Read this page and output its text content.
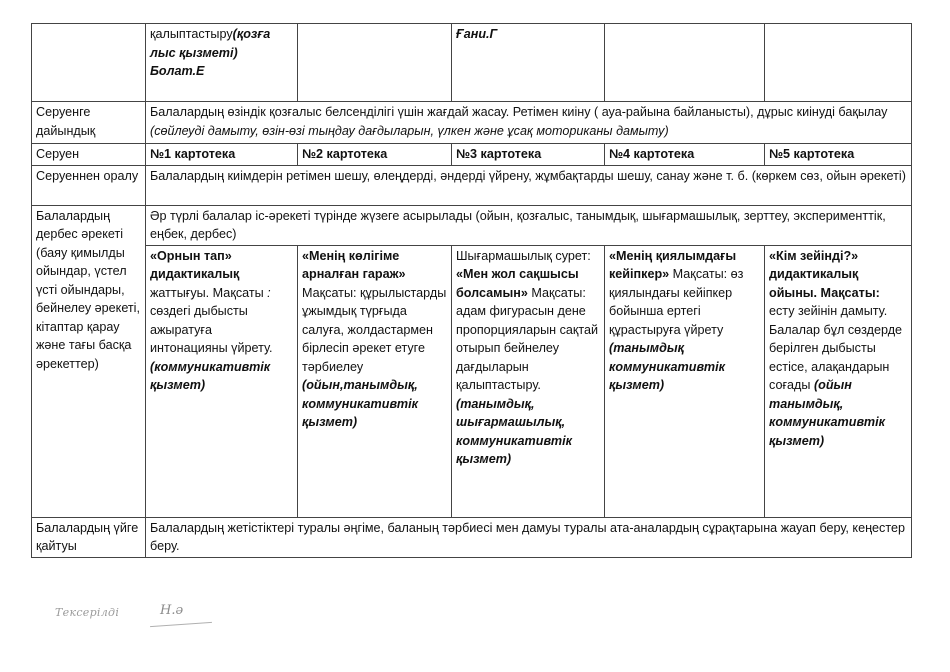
	қалыптастыру(қозға лыс қызметі) Болат.Е		Ғани.Г		
Серуенге дайындық	Балалардың өзіндік қозғалыс белсенділігі үшін жағдай жасау. Ретімен киіну ( ауа-райына байланысты), дұрыс киінуді бақылау (сөйлеуді дамыту, өзін-өзі тыңдау дағдыларын, үлкен және ұсақ моториканы дамыту)				
Серуен	№1 картотека	№2 картотека	№3 картотека	№4 картотека	№5 картотека
Серуеннен оралу	Балалардың киімдерін ретімен шешу, өлеңдерді, әндерді үйрену, жұмбақтарды шешу, санау және т. б. (көркем сөз, ойын әрекеті)				
Балалардың дербес әрекеті (баяу қимылды ойындар, үстел үсті ойындары, бейнелеу әрекеті, кітаптар қарау және тағы басқа әрекеттер)	Әр түрлі балалар іс-әрекеті түрінде жүзеге асырылады (ойын, қозғалыс, танымдық, шығармашылық, зерттеу, эксперименттік, еңбек, дербес)				
	«Орнын тап» дидактикалық жаттығуы. Мақсаты : сөздегі дыбысты ажыратуға интонацияны үйрету. (коммуникативтік қызмет)	«Менің көлігіме арналған гараж» Мақсаты: құрылыстарды ұжымдық түрғыда салуға, жолдастармен бірлесіп әрекет етуге тәрбиелеу (ойын,танымдық, коммуникативтік қызмет)	Шығармашылық сурет: «Мен жол сақшысы болсамын» Мақсаты: адам фигурасын дене пропорцияларын сақтай отырып бейнелеу дағдыларын қалыптастыру. (танымдық, шығармашылық, коммуникативтік қызмет)	«Менің қиялымдағы кейіпкер» Мақсаты: өз қиялындағы кейіпкер бойынша ертегі құрастыруға үйрету (танымдық коммуникативтік қызмет)	«Кім зейінді?» дидактикалық ойыны. Мақсаты: есту зейінін дамыту. Балалар бұл сөздерде берілген дыбысты естісе, алақандарын соғады (ойын танымдық, коммуникативтік қызмет)
Балалардың үйге қайтуы	Балалардың жетістіктері туралы әңгіме, баланың тәрбиесі мен дамуы туралы ата-аналардың сұрақтарына жауап беру, кеңестер беру.				
Тексерілді	Н.ә
